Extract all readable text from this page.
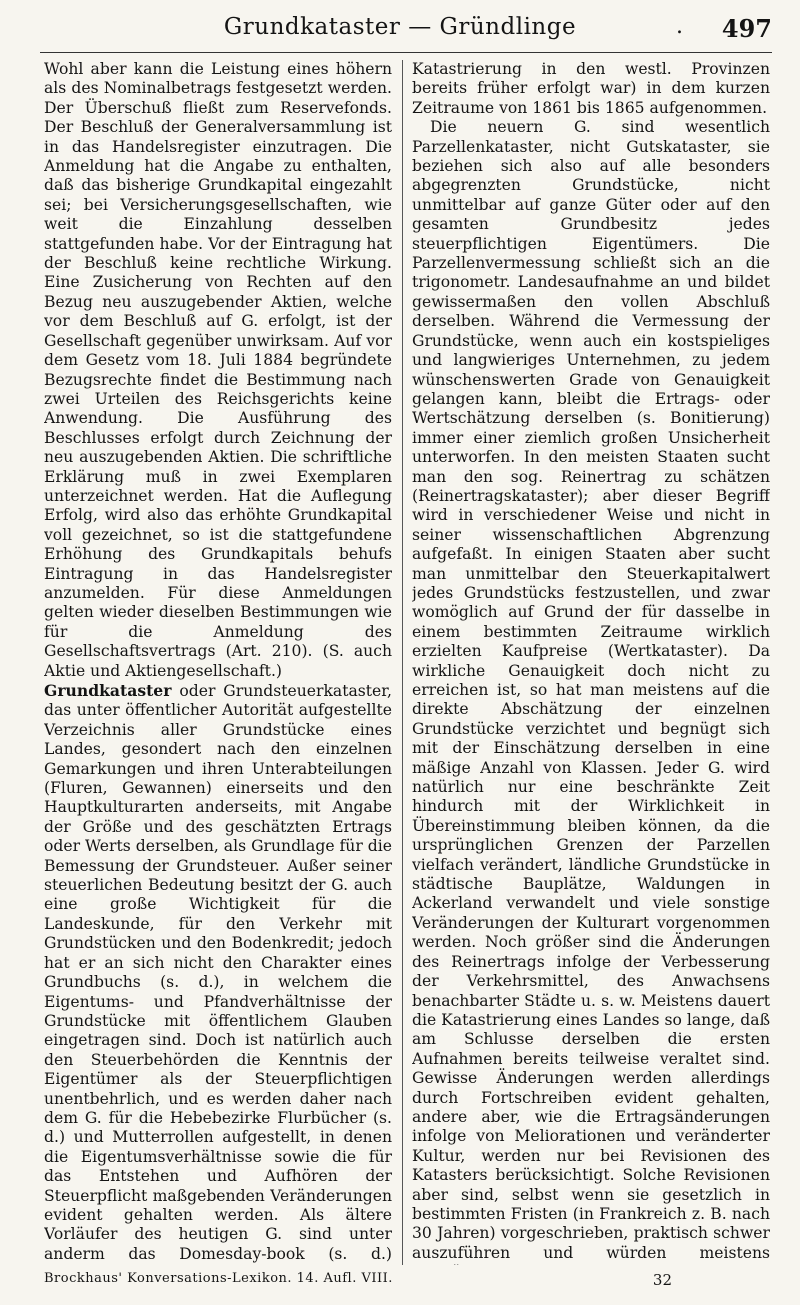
Grundkataster — Gründlinge	. 497

Wohl aber kann die Leistung eines höhern als des Nominalbetrags festgesetzt werden. Der Überschuß fließt zum Reservefonds. Der Beschluß der Generalversammlung ist in das Handelsregister einzutragen. Die Anmeldung hat die Angabe zu enthalten, daß das bisherige Grundkapital eingezahlt sei; bei Versicherungsgesellschaften, wie weit die Einzahlung desselben stattgefunden habe. Vor der Eintragung hat der Beschluß keine rechtliche Wirkung. Eine Zusicherung von Rechten auf den Bezug neu auszugebender Aktien, welche vor dem Beschluß auf G. erfolgt, ist der Gesellschaft gegenüber unwirksam. Auf vor dem Gesetz vom 18. Juli 1884 begründete Bezugsrechte findet die Bestimmung nach zwei Urteilen des Reichsgerichts keine Anwendung. Die Ausführung des Beschlusses erfolgt durch Zeichnung der neu auszugebenden Aktien. Die schriftliche Erklärung muß in zwei Exemplaren unterzeichnet werden. Hat die Auflegung Erfolg, wird also das erhöhte Grundkapital voll gezeichnet, so ist die stattgefundene Erhöhung des Grundkapitals behufs Eintragung in das Handelsregister anzumelden. Für diese Anmeldungen gelten wieder dieselben Bestimmungen wie für die Anmeldung des Gesellschaftsvertrags (Art. 210). (S. auch Aktie und Aktiengesellschaft.)

Grundkataster oder Grundsteuerkataster, das unter öffentlicher Autorität aufgestellte Verzeichnis aller Grundstücke eines Landes, gesondert nach den einzelnen Gemarkungen und ihren Unterabteilungen (Fluren, Gewannen) einerseits und den Hauptkulturarten anderseits, mit Angabe der Größe und des geschätzten Ertrags oder Werts derselben, als Grundlage für die Bemessung der Grundsteuer. Außer seiner steuerlichen Bedeutung besitzt der G. auch eine große Wichtigkeit für die Landeskunde, für den Verkehr mit Grundstücken und den Bodenkredit; jedoch hat er an sich nicht den Charakter eines Grundbuchs (s. d.), in welchem die Eigentums- und Pfandverhältnisse der Grundstücke mit öffentlichem Glauben eingetragen sind. Doch ist natürlich auch den Steuerbehörden die Kenntnis der Eigentümer als der Steuerpflichtigen unentbehrlich, und es werden daher nach dem G. für die Hebebezirke Flurbücher (s. d.) und Mutterrollen aufgestellt, in denen die Eigentumsverhältnisse sowie die für das Entstehen und Aufhören der Steuerpflicht maßgebenden Veränderungen evident gehalten werden. Als ältere Vorläufer des heutigen G. sind unter anderm das Domesday-book (s. d.)

Katastrierung in den westl. Provinzen bereits früher erfolgt war) in dem kurzen Zeitraume von 1861 bis 1865 aufgenommen.

Die neuern G. sind wesentlich Parzellenkataster, nicht Gutskataster, sie beziehen sich also auf alle besonders abgegrenzten Grundstücke, nicht unmittelbar auf ganze Güter oder auf den gesamten Grundbesitz jedes steuerpflichtigen Eigentümers. Die Parzellenvermessung schließt sich an die trigonometr. Landesaufnahme an und bildet gewissermaßen den vollen Abschluß derselben. Während die Vermessung der Grundstücke, wenn auch ein kostspieliges und langwieriges Unternehmen, zu jedem wünschenswerten Grade von Genauigkeit gelangen kann, bleibt die Ertrags- oder Wertschätzung derselben (s. Bonitierung) immer einer ziemlich großen Unsicherheit unterworfen. In den meisten Staaten sucht man den sog. Reinertrag zu schätzen (Reinertragskataster); aber dieser Begriff wird in verschiedener Weise und nicht in seiner wissenschaftlichen Abgrenzung aufgefaßt. In einigen Staaten aber sucht man unmittelbar den Steuerkapitalwert jedes Grundstücks festzustellen, und zwar womöglich auf Grund der für dasselbe in einem bestimmten Zeitraume wirklich erzielten Kaufpreise (Wertkataster). Da wirkliche Genauigkeit doch nicht zu erreichen ist, so hat man meistens auf die direkte Abschätzung der einzelnen Grundstücke verzichtet und begnügt sich mit der Einschätzung derselben in eine mäßige Anzahl von Klassen. Jeder G. wird natürlich nur eine beschränkte Zeit hindurch mit der Wirklichkeit in Übereinstimmung bleiben können, da die ursprünglichen Grenzen der Parzellen vielfach verändert, ländliche Grundstücke in städtische Bauplätze, Waldungen in Ackerland verwandelt und viele sonstige Veränderungen der Kulturart vorgenommen werden. Noch größer sind die Änderungen des Reinertrags infolge der Verbesserung der Verkehrsmittel, des Anwachsens benachbarter Städte u. s. w. Meistens dauert die Katastrierung eines Landes so lange, daß am Schlusse derselben die ersten Aufnahmen bereits teilweise veraltet sind. Gewisse Änderungen werden allerdings durch Fortschreiben evident gehalten, andere aber, wie die Ertragsänderungen infolge von Meliorationen und veränderter Kultur, werden nur bei Revisionen des Katasters berücksichtigt. Solche Revisionen aber sind, selbst wenn sie gesetzlich in bestimmten Fristen (in Frankreich z. B. nach 30 Jahren) vorgeschrieben, praktisch schwer auszuführen und würden meistens

Brockhaus' Konversations-Lexikon. 14. Aufl. VIII.	32
